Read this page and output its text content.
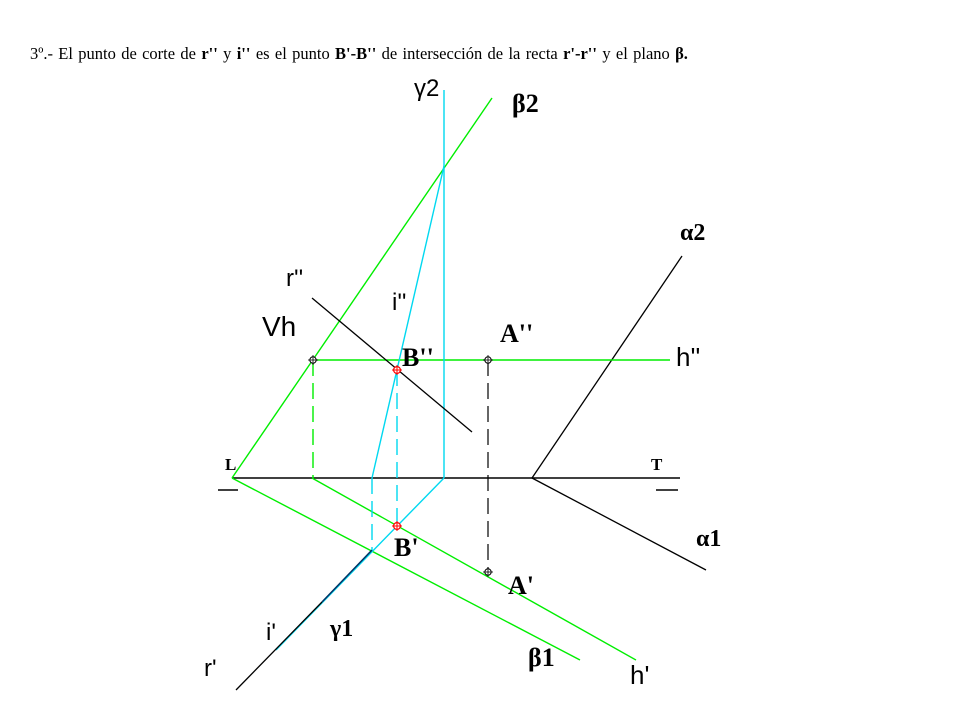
3º.- El punto de corte de r'' y i'' es el punto B'-B'' de intersección de la recta r'-r'' y el plano β.
γ2
β2
α2
r''
i''
Vh	A''
B''	h''
L	T
B'	α1
A'
i' γ1
r'	β1
h'
